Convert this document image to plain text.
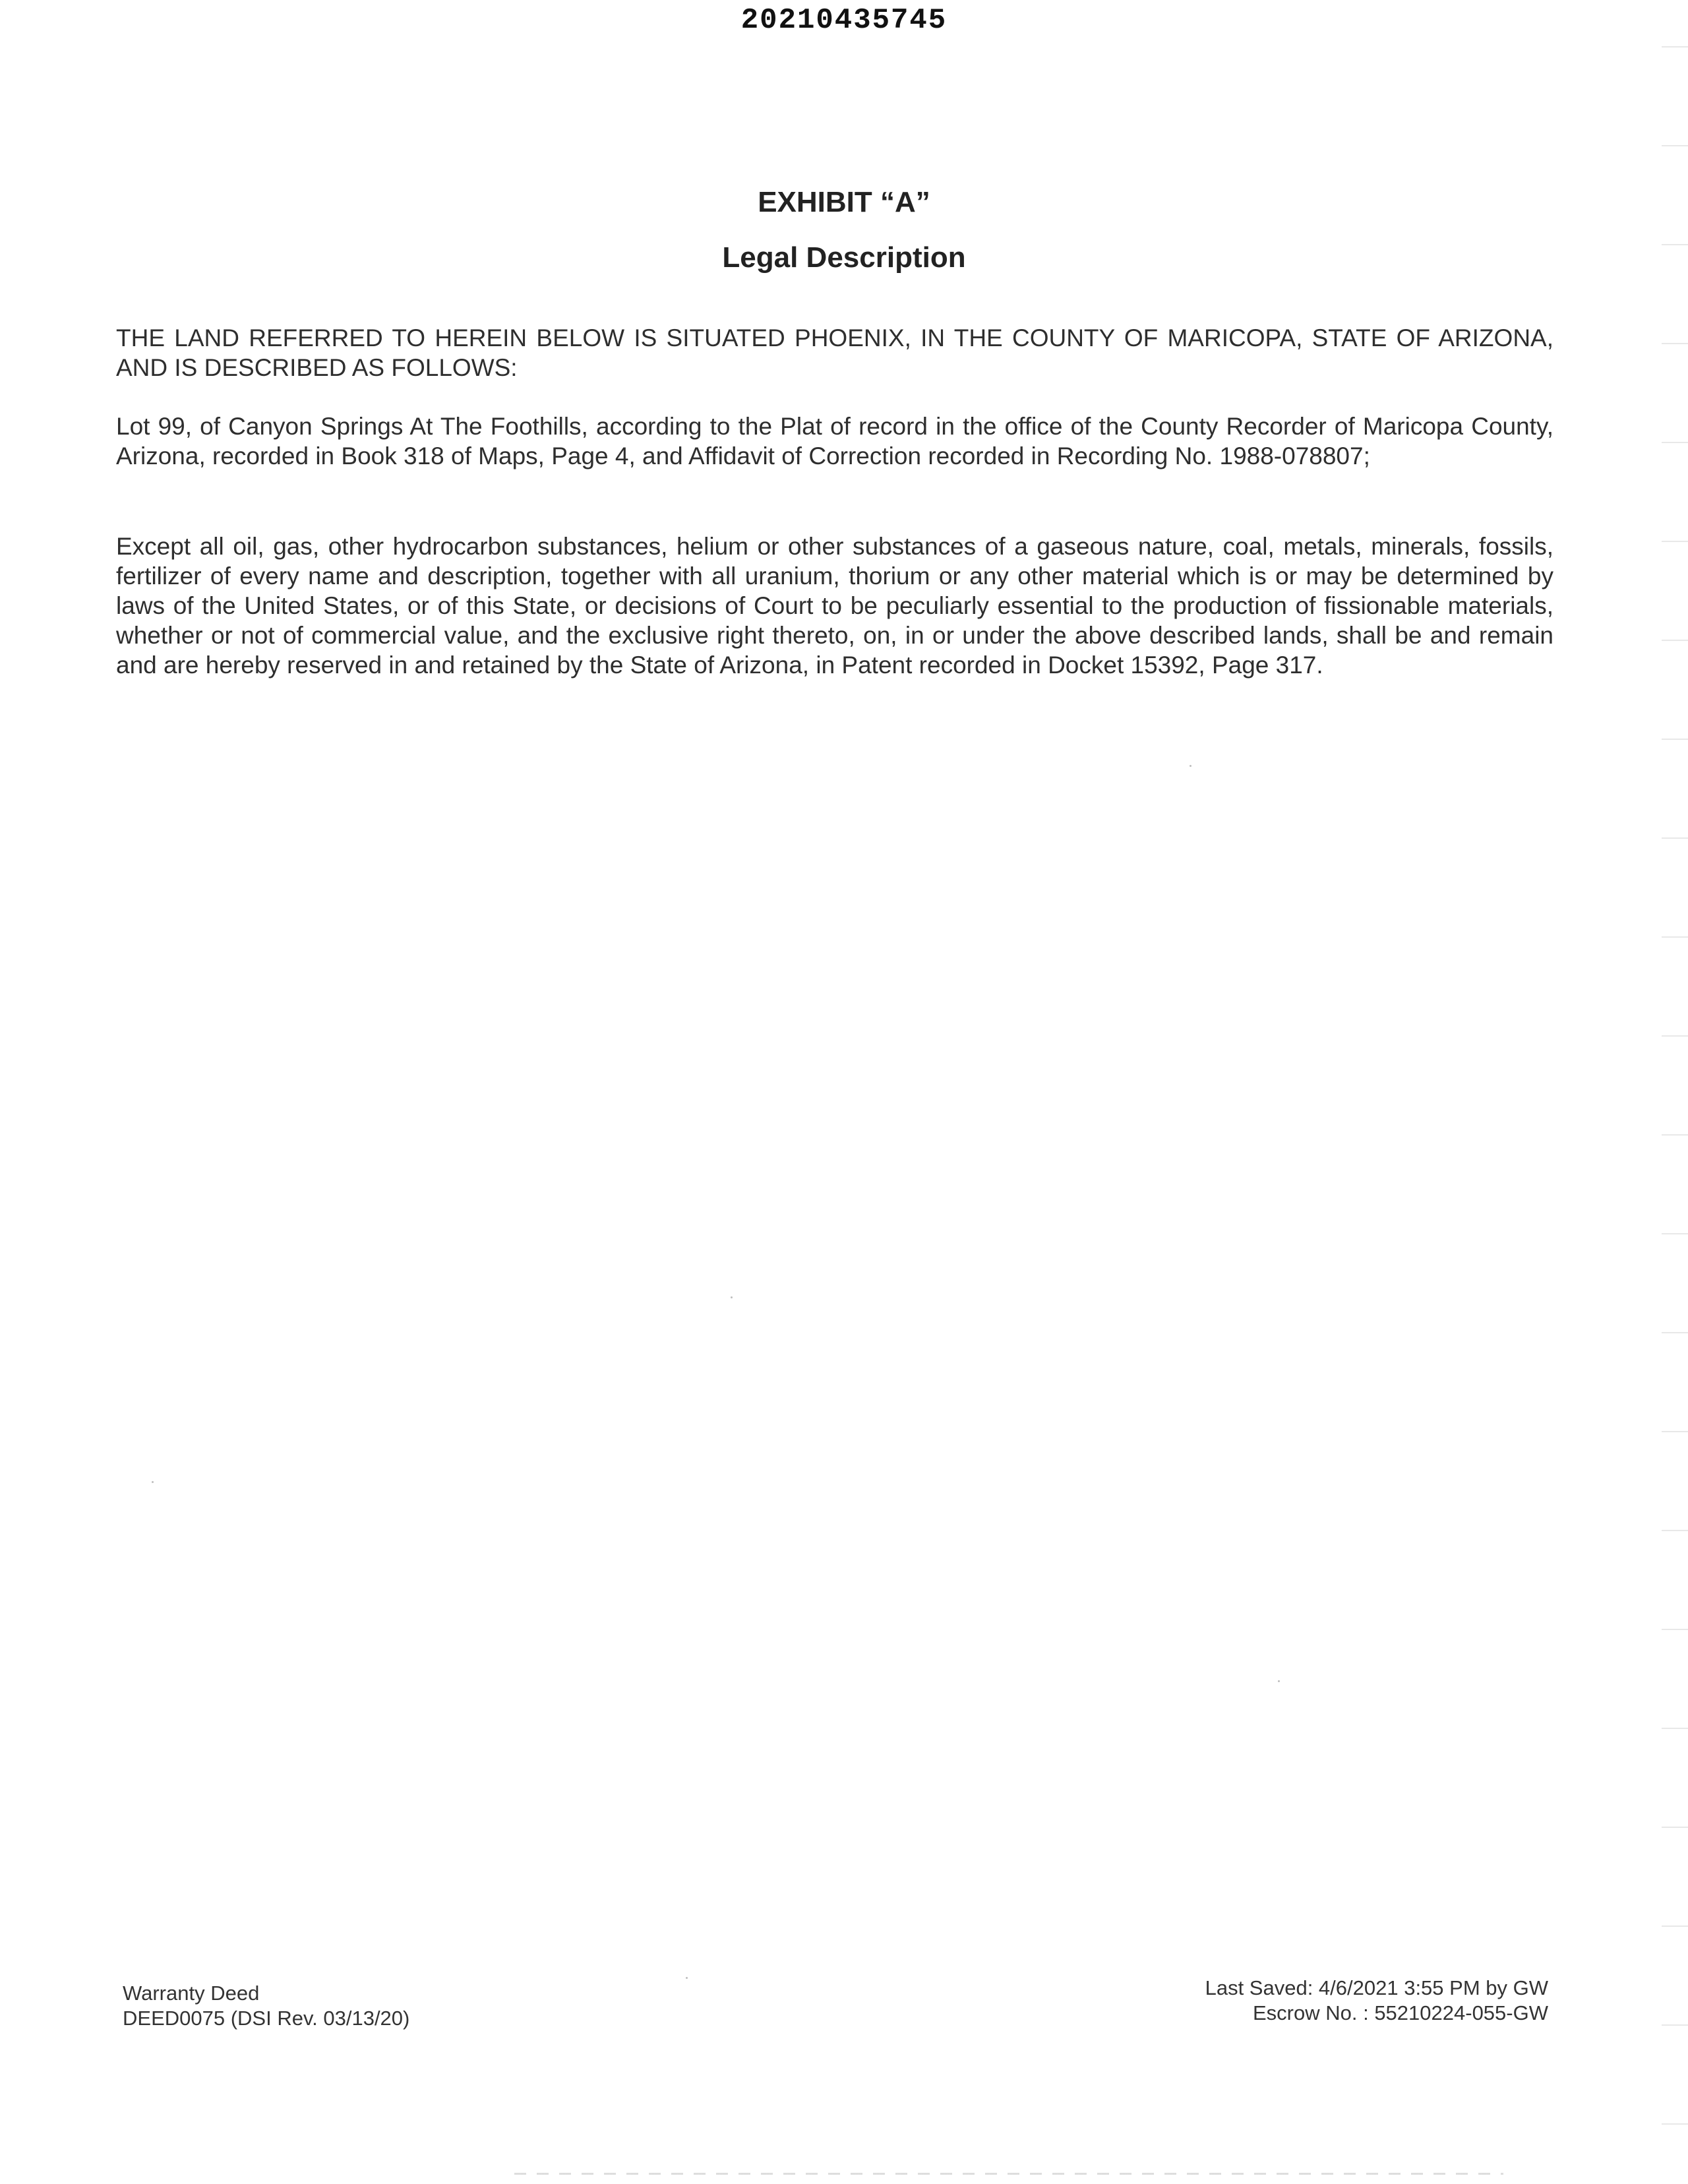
20210435745
EXHIBIT “A”
Legal Description
THE LAND REFERRED TO HEREIN BELOW IS SITUATED PHOENIX, IN THE COUNTY OF MARICOPA, STATE OF ARIZONA, AND IS DESCRIBED AS FOLLOWS:
Lot 99, of Canyon Springs At The Foothills, according to the Plat of record in the office of the County Recorder of Maricopa County, Arizona, recorded in Book 318 of Maps, Page 4, and Affidavit of Correction recorded in Recording No. 1988-078807;
Except all oil, gas, other hydrocarbon substances, helium or other substances of a gaseous nature, coal, metals, minerals, fossils, fertilizer of every name and description, together with all uranium, thorium or any other material which is or may be determined by laws of the United States, or of this State, or decisions of Court to be peculiarly essential to the production of fissionable materials, whether or not of commercial value, and the exclusive right thereto, on, in or under the above described lands, shall be and remain and are hereby reserved in and retained by the State of Arizona, in Patent recorded in Docket 15392, Page 317.
Warranty Deed
DEED0075 (DSI Rev. 03/13/20)
Last Saved: 4/6/2021 3:55 PM by GW
Escrow No. : 55210224-055-GW
